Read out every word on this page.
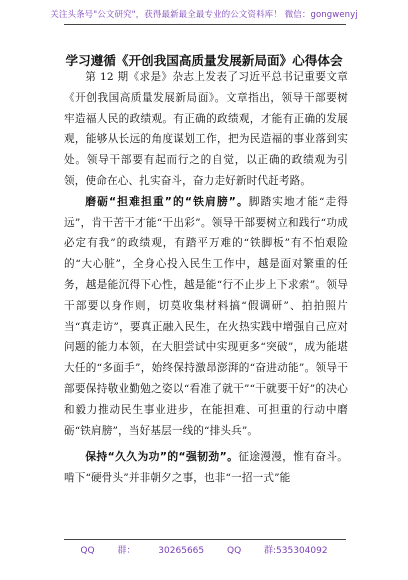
关注头条号"公文研究"，获得最新最全最专业的公文资料库！ 微信：gongwenyj
学习遵循《开创我国高质量发展新局面》心得体会

第 12 期《求是》杂志上发表了习近平总书记重要文章《开创我国高质量发展新局面》。文章指出，领导干部要树牢造福人民的政绩观。有正确的政绩观，才能有正确的发展观，能够从长远的角度谋划工作，把为民造福的事业落到实处。领导干部要有起而行之的自觉，以正确的政绩观为引领，使命在心、扎实奋斗，奋力走好新时代赶考路。

磨砺“担难担重”的“铁肩膀”。脚踏实地才能“走得远”，肯干苦干才能“干出彩”。领导干部要树立和践行“功成必定有我”的政绩观，有踏平万难的“铁脚板”有不怕艰险的“大心脏”，全身心投入民生工作中，越是面对繁重的任务，越是能沉得下心性，越是能“行不止步上下求索”。领导干部要以身作则，切莫收集材料搞“假调研”、拍拍照片当“真走访”，要真正融入民生，在火热实践中增强自己应对问题的能力本领，在大胆尝试中实现更多“突破”，成为能堪大任的“多面手”，始终保持激昂澎湃的“奋进动能”。领导干部要保持敬业勤勉之姿以“看准了就干”“干就要干好”的决心和毅力推动民生事业进步，在能担难、可担重的行动中磨砺“铁肩膀”，当好基层一线的“排头兵”。

保持“久久为功”的“强韧劲”。征途漫漫，惟有奋斗。啃下“硬骨头”并非朝夕之事，也非“一招一式”能

QQ 群： 30265665 QQ 群:535304092
